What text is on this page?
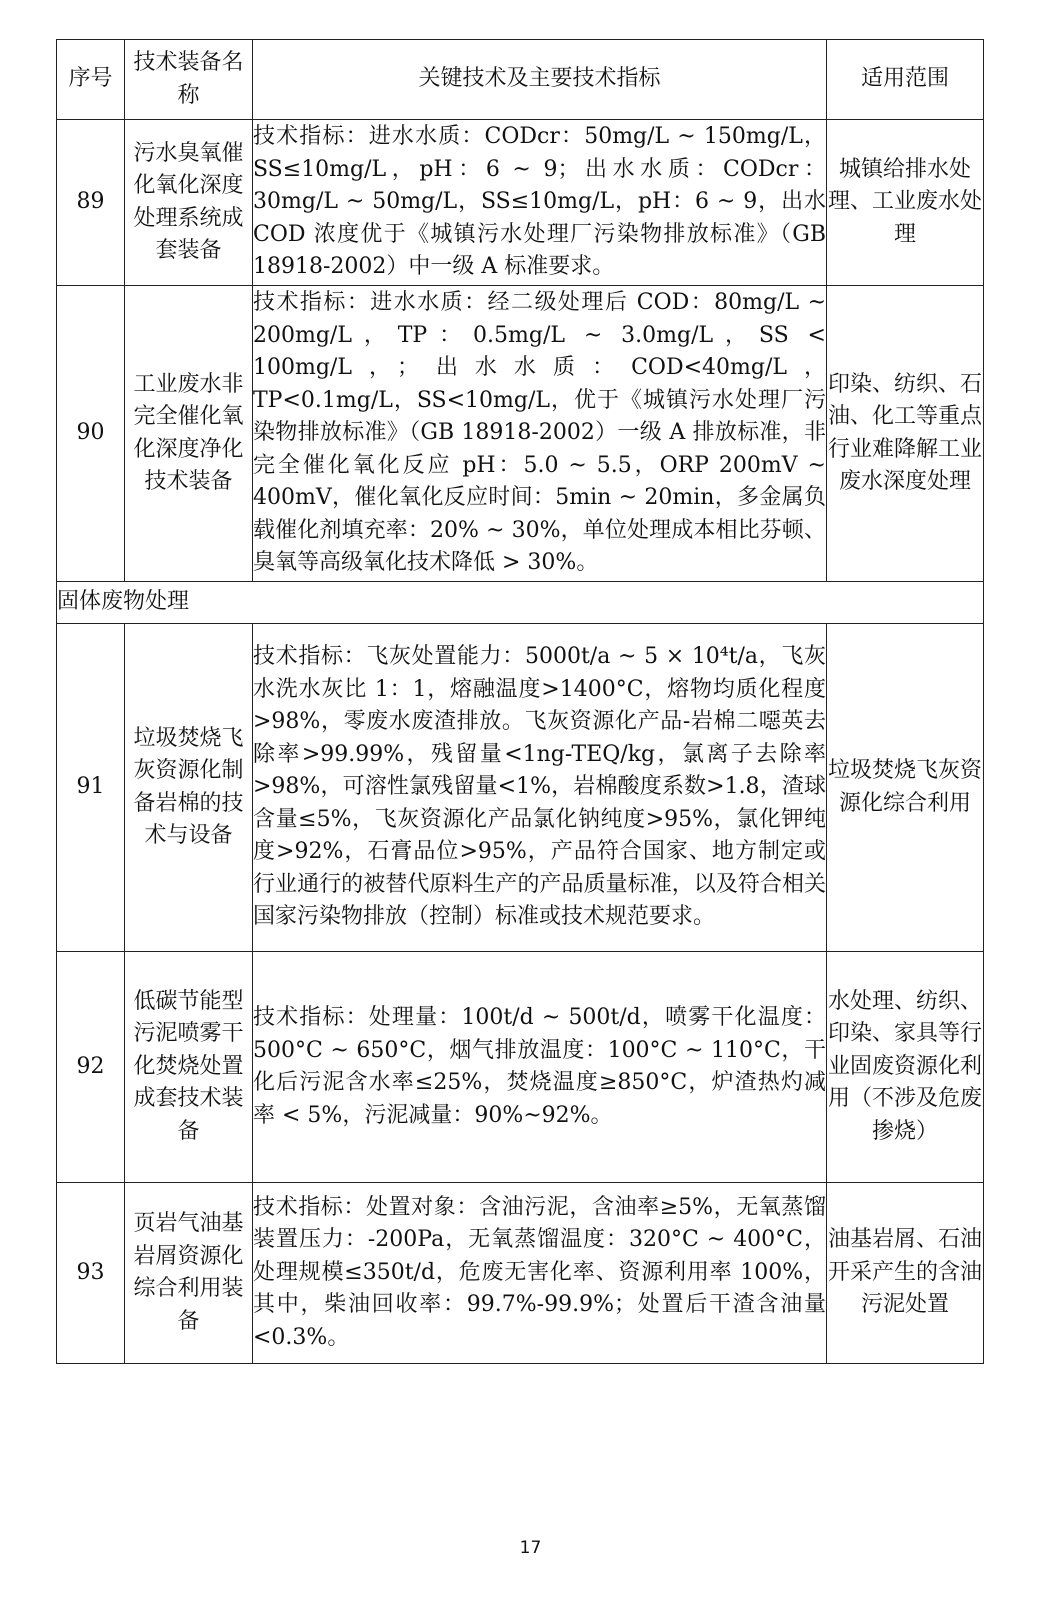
序号	技术装备名称	关键技术及主要技术指标	适用范围
89	污水臭氧催化氧化深度处理系统成套装备	技术指标：进水水质：CODcr：50mg/L ~ 150mg/L，SS≤10mg/L，pH：6 ~ 9；出水水质：CODcr：30mg/L ~ 50mg/L，SS≤10mg/L，pH：6 ~ 9，出水 COD 浓度优于《城镇污水处理厂污染物排放标准》（GB 18918-2002）中一级 A 标准要求。	城镇给排水处理、工业废水处理
90	工业废水非完全催化氧化深度净化技术装备	技术指标：进水水质：经二级处理后 COD：80mg/L ~ 200mg/L，TP：0.5mg/L ~ 3.0mg/L，SS < 100mg/L，；出水水质：COD<40mg/L，TP<0.1mg/L，SS<10mg/L，优于《城镇污水处理厂污染物排放标准》（GB 18918-2002）一级 A 排放标准，非完全催化氧化反应 pH：5.0 ~ 5.5，ORP 200mV ~ 400mV，催化氧化反应时间：5min ~ 20min，多金属负载催化剂填充率：20% ~ 30%，单位处理成本相比芬顿、臭氧等高级氧化技术降低 > 30%。	印染、纺织、石油、化工等重点行业难降解工业废水深度处理
固体废物处理			
91	垃圾焚烧飞灰资源化制备岩棉的技术与设备	技术指标：飞灰处置能力：5000t/a ~ 5 × 10⁴t/a，飞灰水洗水灰比 1：1，熔融温度>1400°C，熔物均质化程度>98%，零废水废渣排放。飞灰资源化产品-岩棉二噁英去除率>99.99%，残留量<1ng-TEQ/kg，氯离子去除率>98%，可溶性氯残留量<1%，岩棉酸度系数>1.8，渣球含量≤5%，飞灰资源化产品氯化钠纯度>95%，氯化钾纯度>92%，石膏品位>95%，产品符合国家、地方制定或行业通行的被替代原料生产的产品质量标准，以及符合相关国家污染物排放（控制）标准或技术规范要求。	垃圾焚烧飞灰资源化综合利用
92	低碳节能型污泥喷雾干化焚烧处置成套技术装备	技术指标：处理量：100t/d ~ 500t/d，喷雾干化温度：500°C ~ 650°C，烟气排放温度：100°C ~ 110°C，干化后污泥含水率≤25%，焚烧温度≥850°C，炉渣热灼减率 < 5%，污泥减量：90%~92%。	水处理、纺织、印染、家具等行业固废资源化利用（不涉及危废掺烧）
93	页岩气油基岩屑资源化综合利用装备	技术指标：处置对象：含油污泥，含油率≥5%，无氧蒸馏装置压力：-200Pa，无氧蒸馏温度：320°C ~ 400°C，处理规模≤350t/d，危废无害化率、资源利用率 100%，其中，柴油回收率：99.7%-99.9%；处置后干渣含油量<0.3%。	油基岩屑、石油开采产生的含油污泥处置
17
